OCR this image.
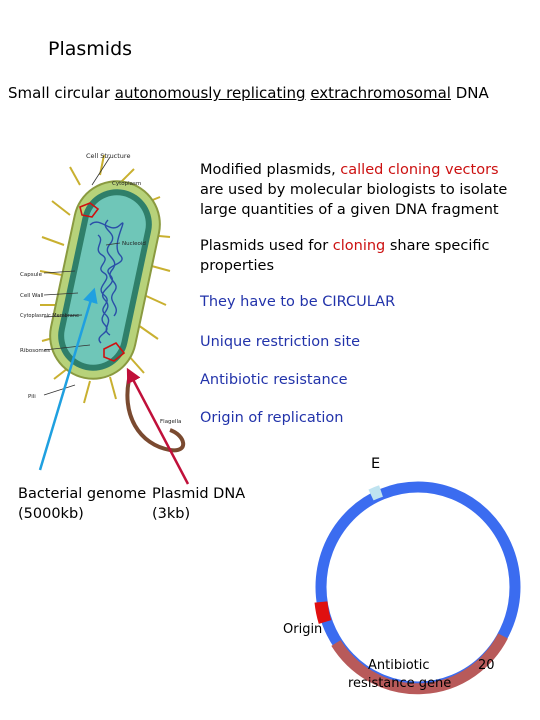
Plasmids
Small circular autonomously replicating extrachromosomal DNA
Modified plasmids, called cloning vectors
are used by molecular biologists to isolate
large quantities of a given DNA fragment
Plasmids used for cloning share specific
properties
They have to be CIRCULAR
Unique restriction site
Antibiotic resistance
Origin of replication
Cell Structure
Cytoplasm
Nucleoid
Capsule
Cell Wall
Cytoplasmic Membrane
Ribosomes
Pili
Flagella
Bacterial genome
(5000kb)
Plasmid DNA
(3kb)
E
Origin
Antibiotic
resistance gene
20
